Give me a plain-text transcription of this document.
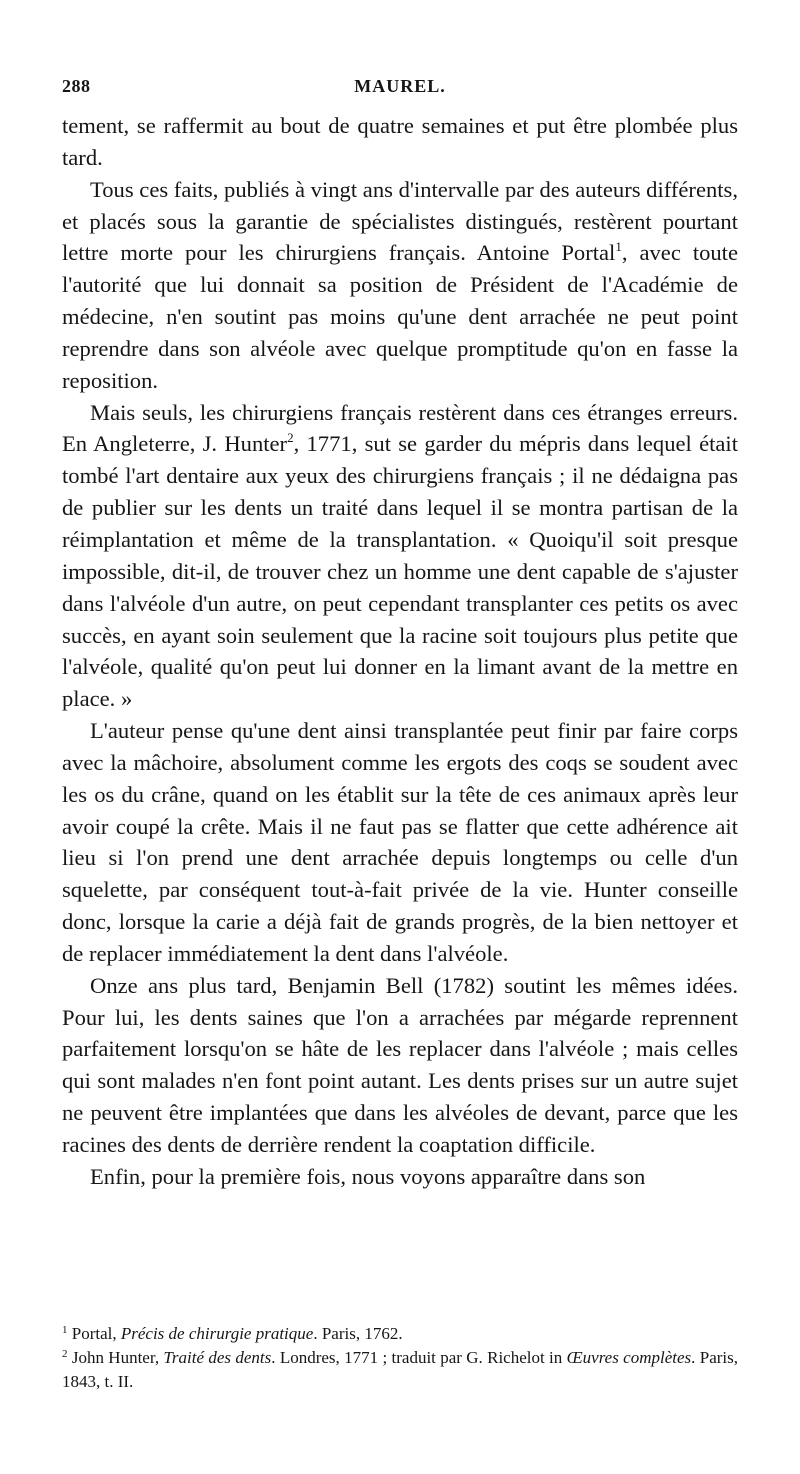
288	MAUREL.

tement, se raffermit au bout de quatre semaines et put être plombée plus tard.

Tous ces faits, publiés à vingt ans d'intervalle par des auteurs différents, et placés sous la garantie de spécialistes distingués, restèrent pourtant lettre morte pour les chirurgiens français. Antoine Portal$^1$, avec toute l'autorité que lui donnait sa position de Président de l'Académie de médecine, n'en soutint pas moins qu'une dent arrachée ne peut point reprendre dans son alvéole avec quelque promptitude qu'on en fasse la reposition.

Mais seuls, les chirurgiens français restèrent dans ces étranges erreurs. En Angleterre, J. Hunter$^2$, 1771, sut se garder du mépris dans lequel était tombé l'art dentaire aux yeux des chirurgiens français ; il ne dédaigna pas de publier sur les dents un traité dans lequel il se montra partisan de la réimplantation et même de la transplantation. « Quoiqu'il soit presque impossible, dit-il, de trouver chez un homme une dent capable de s'ajuster dans l'alvéole d'un autre, on peut cependant transplanter ces petits os avec succès, en ayant soin seulement que la racine soit toujours plus petite que l'alvéole, qualité qu'on peut lui donner en la limant avant de la mettre en place. »

L'auteur pense qu'une dent ainsi transplantée peut finir par faire corps avec la mâchoire, absolument comme les ergots des coqs se soudent avec les os du crâne, quand on les établit sur la tête de ces animaux après leur avoir coupé la crête. Mais il ne faut pas se flatter que cette adhérence ait lieu si l'on prend une dent arrachée depuis longtemps ou celle d'un squelette, par conséquent tout-à-fait privée de la vie. Hunter conseille donc, lorsque la carie a déjà fait de grands progrès, de la bien nettoyer et de replacer immédiatement la dent dans l'alvéole.

Onze ans plus tard, Benjamin Bell (1782) soutint les mêmes idées. Pour lui, les dents saines que l'on a arrachées par mégarde reprennent parfaitement lorsqu'on se hâte de les replacer dans l'alvéole ; mais celles qui sont malades n'en font point autant. Les dents prises sur un autre sujet ne peuvent être implantées que dans les alvéoles de devant, parce que les racines des dents de derrière rendent la coaptation difficile.

Enfin, pour la première fois, nous voyons apparaître dans son

$^1$ Portal, Précis de chirurgie pratique. Paris, 1762.

$^2$ John Hunter, Traité des dents. Londres, 1771 ; traduit par G. Richelot in Œuvres complètes. Paris, 1843, t. II.
